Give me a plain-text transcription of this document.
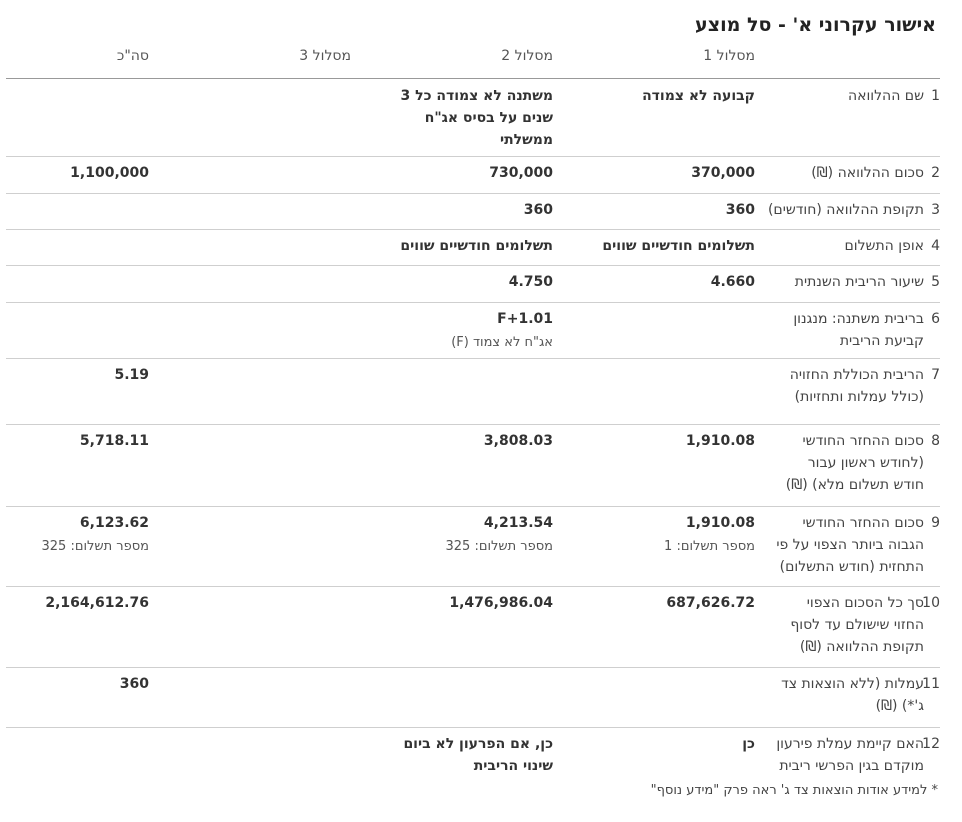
אישור עקרוני א' - סל מוצע
מסלול 1
מסלול 2
מסלול 3
סה"כ
1
שם ההלוואה
קבועה לא צמודה
משתנה לא צמודה כל 3 שנים על בסיס אג"ח ממשלתי
2
סכום ההלוואה (₪)
370,000
730,000
1,100,000
3
תקופת ההלוואה (חודשים)
360
360
4
אופן התשלום
תשלומים חודשיים שווים
תשלומים חודשיים שווים
5
שיעור הריבית השנתית
4.660
4.750
6
בריבית משתנה: מנגנון קביעת הריבית
F+1.01
אג"ח לא צמוד (F)
7
הריבית הכוללת החזויה (כולל עמלות ותחזיות)
5.19
8
סכום ההחזר החודשי (לחודש ראשון עבור חודש תשלום מלא) (₪)
1,910.08
3,808.03
5,718.11
9
סכום ההחזר החודשי הגבוה ביותר הצפוי על פי התחזית (חודש התשלום)
1,910.08
מספר תשלום: 1
4,213.54
מספר תשלום: 325
6,123.62
מספר תשלום: 325
10
סך כל הסכום הצפוי החזוי שישולם עד לסוף תקופת ההלוואה (₪)
687,626.72
1,476,986.04
2,164,612.76
11
עמלות (ללא הוצאות צד ג'*) (₪)
360
12
האם קיימת עמלת פירעון מוקדם בגין הפרשי ריבית
כן
כן, אם הפרעון לא ביום שינוי הריבית
* למידע אודות הוצאות צד ג' ראה פרק "מידע נוסף"
